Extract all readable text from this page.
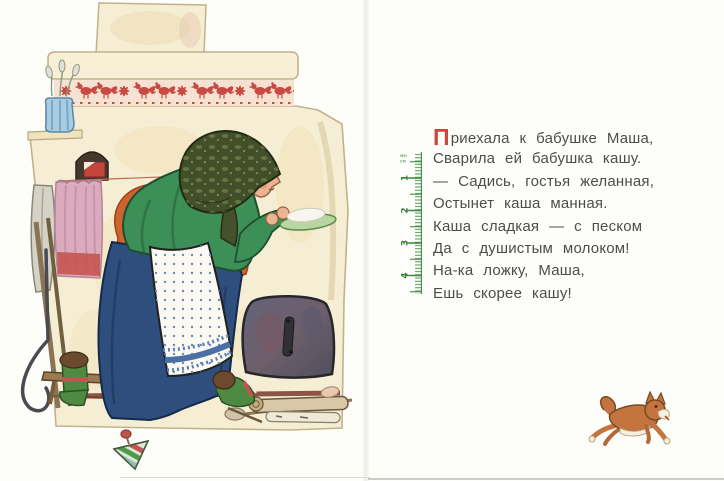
мм
см
1
2
3
4
Приехала к бабушке Маша,
Сварила ей бабушка кашу.
— Садись, гостья желанная,
Остынет каша манная.
Каша сладкая — с песком
Да с душистым молоком!
На-ка ложку, Маша,
Ешь скорее кашу!
